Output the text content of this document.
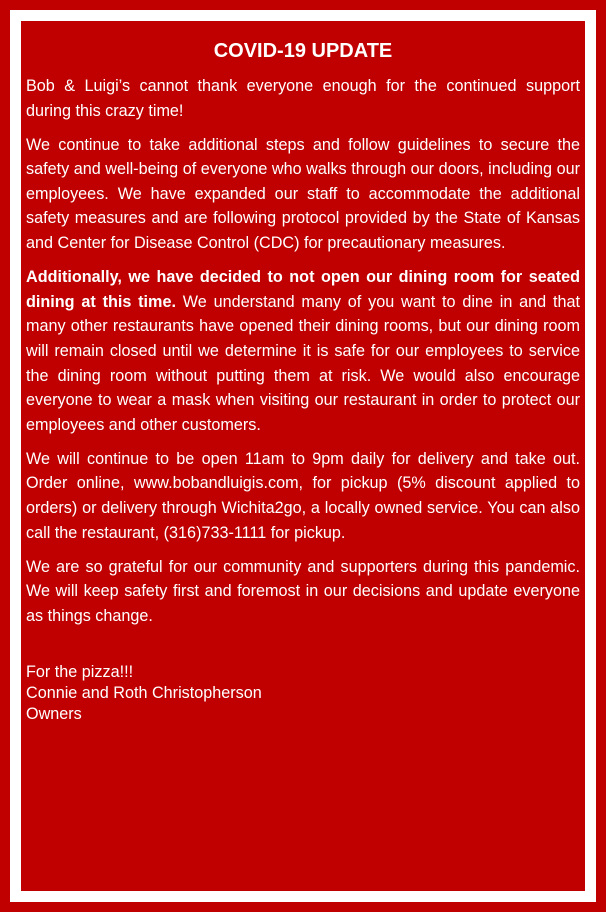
COVID-19 UPDATE

Bob & Luigi’s cannot thank everyone enough for the continued support during this crazy time!

We continue to take additional steps and follow guidelines to secure the safety and well-being of everyone who walks through our doors, including our employees. We have expanded our staff to accommodate the additional safety measures and are following protocol provided by the State of Kansas and Center for Disease Control (CDC) for precautionary measures.

Additionally, we have decided to not open our dining room for seated dining at this time. We understand many of you want to dine in and that many other restaurants have opened their dining rooms, but our dining room will remain closed until we determine it is safe for our employees to service the dining room without putting them at risk. We would also encourage everyone to wear a mask when visiting our restaurant in order to protect our employees and other customers.

We will continue to be open 11am to 9pm daily for delivery and take out. Order online, www.bobandluigis.com, for pickup (5% discount applied to orders) or delivery through Wichita2go, a locally owned service. You can also call the restaurant, (316)733-1111 for pickup.

We are so grateful for our community and supporters during this pandemic. We will keep safety first and foremost in our decisions and update everyone as things change.

For the pizza!!!
Connie and Roth Christopherson
Owners
